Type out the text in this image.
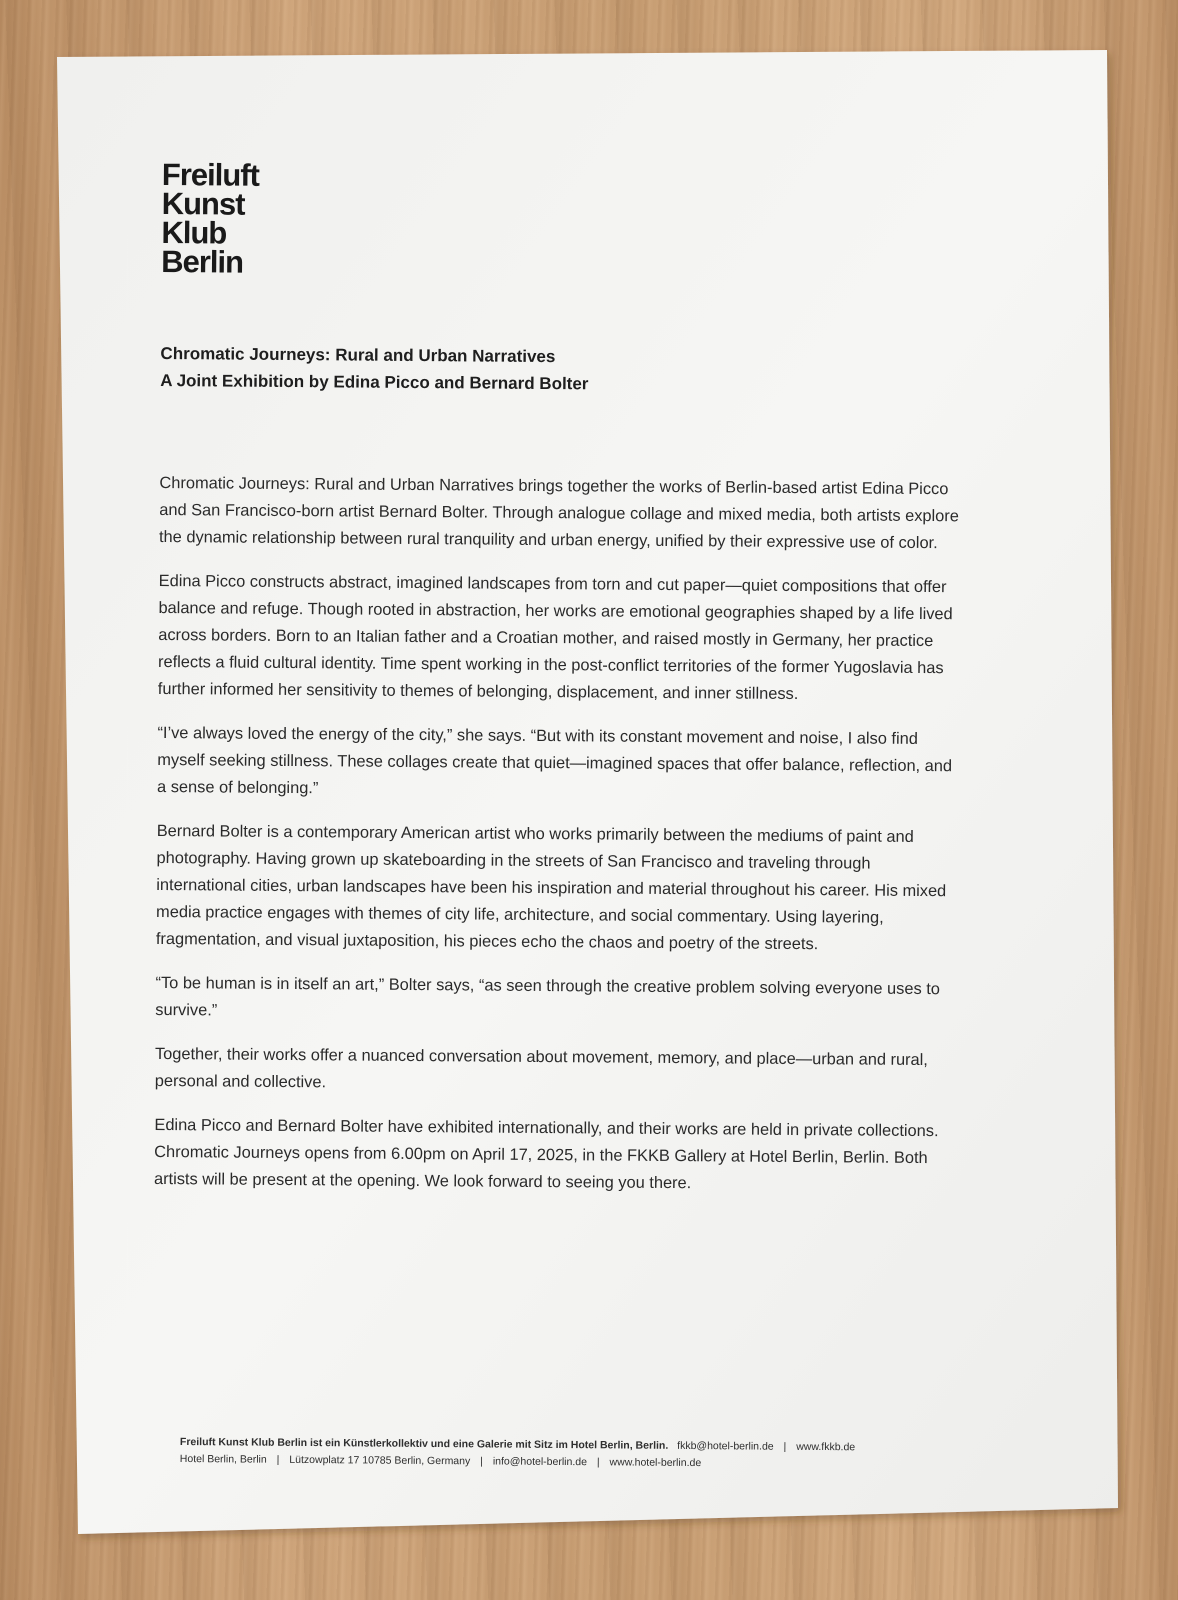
Freiluft
Kunst
Klub
Berlin
Chromatic Journeys: Rural and Urban Narratives
A Joint Exhibition by Edina Picco and Bernard Bolter

Chromatic Journeys: Rural and Urban Narratives brings together the works of Berlin-based artist Edina Picco and San Francisco-born artist Bernard Bolter. Through analogue collage and mixed media, both artists explore the dynamic relationship between rural tranquility and urban energy, unified by their expressive use of color.

Edina Picco constructs abstract, imagined landscapes from torn and cut paper—quiet compositions that offer balance and refuge. Though rooted in abstraction, her works are emotional geographies shaped by a life lived across borders. Born to an Italian father and a Croatian mother, and raised mostly in Germany, her practice reflects a fluid cultural identity. Time spent working in the post-conflict territories of the former Yugoslavia has further informed her sensitivity to themes of belonging, displacement, and inner stillness.

“I’ve always loved the energy of the city,” she says. “But with its constant movement and noise, I also find myself seeking stillness. These collages create that quiet—imagined spaces that offer balance, reflection, and a sense of belonging.”

Bernard Bolter is a contemporary American artist who works primarily between the mediums of paint and photography. Having grown up skateboarding in the streets of San Francisco and traveling through international cities, urban landscapes have been his inspiration and material throughout his career. His mixed media practice engages with themes of city life, architecture, and social commentary. Using layering, fragmentation, and visual juxtaposition, his pieces echo the chaos and poetry of the streets.

“To be human is in itself an art,” Bolter says, “as seen through the creative problem solving everyone uses to survive.”

Together, their works offer a nuanced conversation about movement, memory, and place—urban and rural, personal and collective.

Edina Picco and Bernard Bolter have exhibited internationally, and their works are held in private collections. Chromatic Journeys opens from 6.00pm on April 17, 2025, in the FKKB Gallery at Hotel Berlin, Berlin. Both artists will be present at the opening. We look forward to seeing you there.

Freiluft Kunst Klub Berlin ist ein Künstlerkollektiv und eine Galerie mit Sitz im Hotel Berlin, Berlin. fkkb@hotel-berlin.de | www.fkkb.de
Hotel Berlin, Berlin | Lützowplatz 17 10785 Berlin, Germany | info@hotel-berlin.de | www.hotel-berlin.de
